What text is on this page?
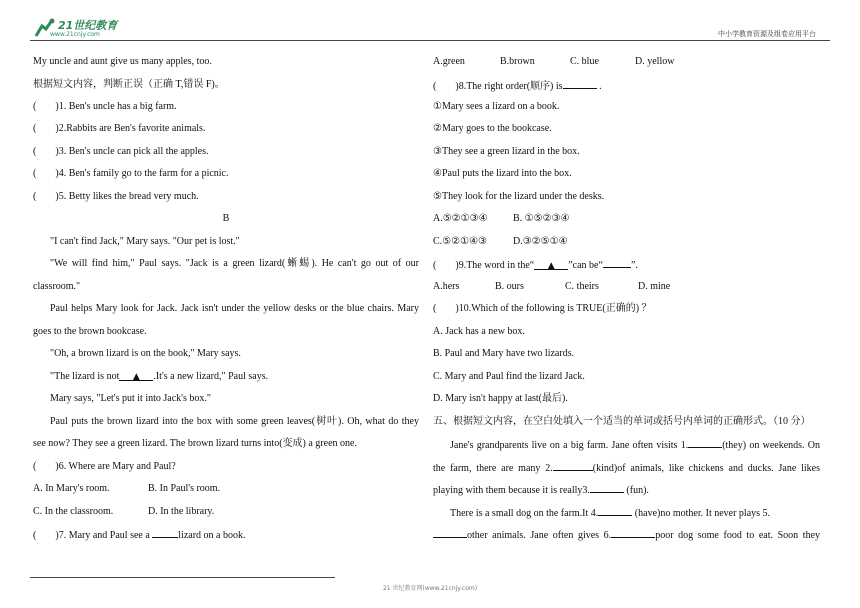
21世纪教育
www.21cnjy.com	中小学教育资源及组卷应用平台
My uncle and aunt give us many apples, too.
根据短文内容，判断正误（正确 T,错误 F)。
( )1. Ben's uncle has a big farm.
( )2.Rabbits are Ben's favorite animals.
( )3. Ben's uncle can pick all the apples.
( )4. Ben's family go to the farm for a picnic.
( )5. Betty likes the bread very much.
B
"I can't find Jack," Mary says. "Our pet is lost."
"We will find him," Paul says. "Jack is a green lizard(蜥蜴). He can't go out of our
classroom."
Paul helps Mary look for Jack. Jack isn't under the yellow desks or the blue chairs. Mary
goes to the brown bookcase.
"Oh, a brown lizard is on the book," Mary says.
"The lizard is not ▲ .It's a new lizard," Paul says.
Mary says, "Let's put it into Jack's box."
Paul puts the brown lizard into the box with some green leaves(树叶). Oh, what do they
see now? They see a green lizard. The brown lizard turns into(变成) a green one.
( )6. Where are Mary and Paul?
A. In Mary's room.	B. In Paul's room.
C. In the classroom.	D. In the library.
( )7. Mary and Paul see a	lizard on a book.
A.green	B.brown	C. blue	D. yellow
( )8.The right order(顺序) is	.
①Mary sees a lizard on a book.
②Mary goes to the bookcase.
③They see a green lizard in the box.
④Paul puts the lizard into the box.
⑤They look for the lizard under the desks.
A.⑤②①③④	B. ①⑤②③④
C.⑤②①④③	D.③②⑤①④
( )9.The word in the“ ▲ ”can be“	”.
A.hers	B. ours	C. theirs	D. mine
( )10.Which of the following is TRUE(正确的) ？
A. Jack has a new box.
B. Paul and Mary have two lizards.
C. Mary and Paul find the lizard Jack.
D. Mary isn't happy at last(最后).
五、根据短文内容，在空白处填入一个适当的单词或括号内单词的正确形式。（10 分）
Jane's grandparents live on a big farm. Jane often visits 1.	(they) on weekends. On
the farm, there are many 2.	(kind)of animals, like chickens and ducks. Jane likes
playing with them because it is really3.	(fun).
There is a small dog on the farm.It 4.	(have)no mother. It never plays 5.
other animals. Jane often gives 6.	poor dog some food to eat. Soon they
21 世纪教育网(www.21cnjy.com)
